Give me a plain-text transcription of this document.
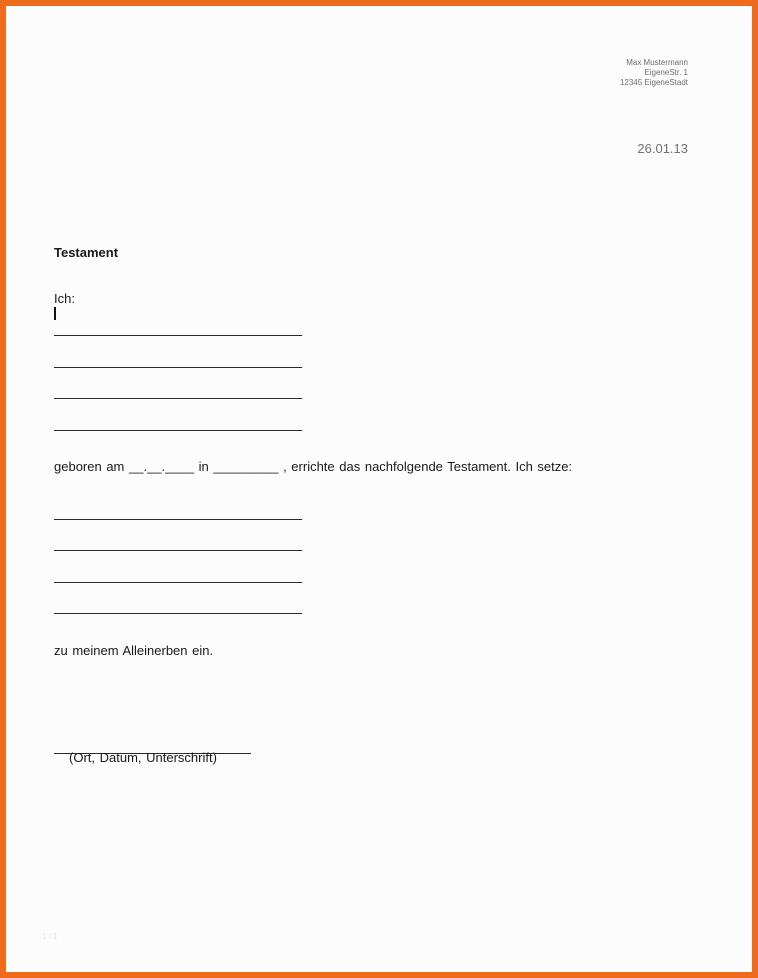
Max Mustermann
EigeneStr. 1
12345 EigeneStadt
26.01.13
Testament
Ich:
geboren am __.__.____ in _________ , errichte das nachfolgende Testament. Ich setze:
zu meinem Alleinerben ein.
(Ort, Datum, Unterschrift)
1 / 1
